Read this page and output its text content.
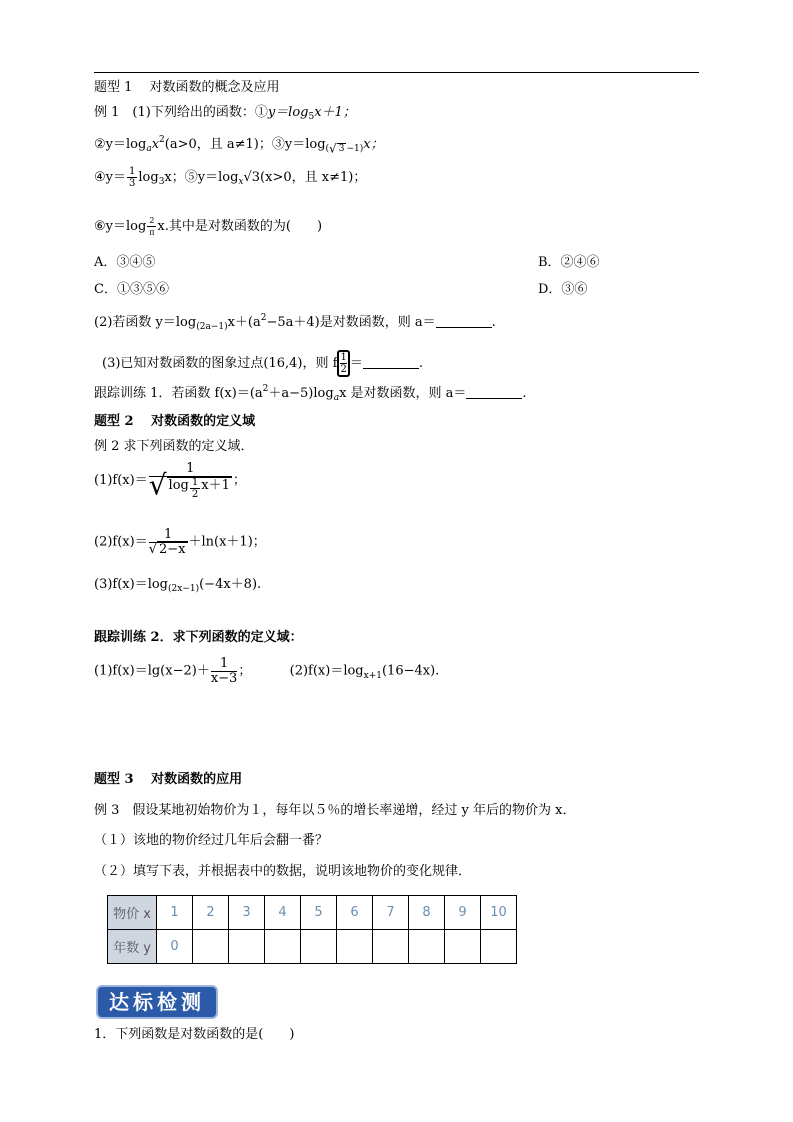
题型 1　 对数函数的概念及应用
例 1　(1)下列给出的函数：$①y=\log_5x+1$；
$②y=\log_ax^2(a>0$，且 a≠1)；$③y=\log_{(√ 3 -1)}x$；
④y＝ $\frac{1}{3} \log_3x$；$⑤y=\log_x√3(x>0$，且 x≠1)；
⑥y＝log $\frac{2}{\pi} x$.其中是对数函数的为(　　)
A．③④⑤	B．②④⑥
C．①③⑤⑥	D．③⑥
(2)若函数 $y=\log_{(2a-1)}x+(a^2-5a+4)$是对数函数，则 a＝	.
(3)已知对数函数的图象过点(16,4)，则 f $\frac{1}{2}$ ＝	.
跟踪训练 1．若函数 $f(x)=(a^2+a-5)\log_ax$ 是对数函数，则 a＝	.
题型 2　 对数函数的定义域
例 2 求下列函数的定义域．
$(1)f(x)= \frac{1}{√ \log \frac{1}{2} x+1}$ ；
$(2)f(x)= \frac{1}{√ 2-x} +\ln(x+1)$；
$(3)f(x)=\log_{(2x-1)}(-4x+8)$.
跟踪训练 2．求下列函数的定义域：
$(1)f(x)=\lg(x-2)+ \frac{1}{x-3}$ ；	$(2)f(x)=\log_{x+1}(16-4x)$.
题型 3　 对数函数的应用
例 3　假设某地初始物价为１，每年以５％的增长率递增，经过 y 年后的物价为 x．
（１）该地的物价经过几年后会翻一番？
（２）填写下表，并根据表中的数据，说明该地物价的变化规律．
物价 x	1	2	3	4	5	6	7	8	9	10
年数 y	0									
达标检测
1．下列函数是对数函数的是(　　)
